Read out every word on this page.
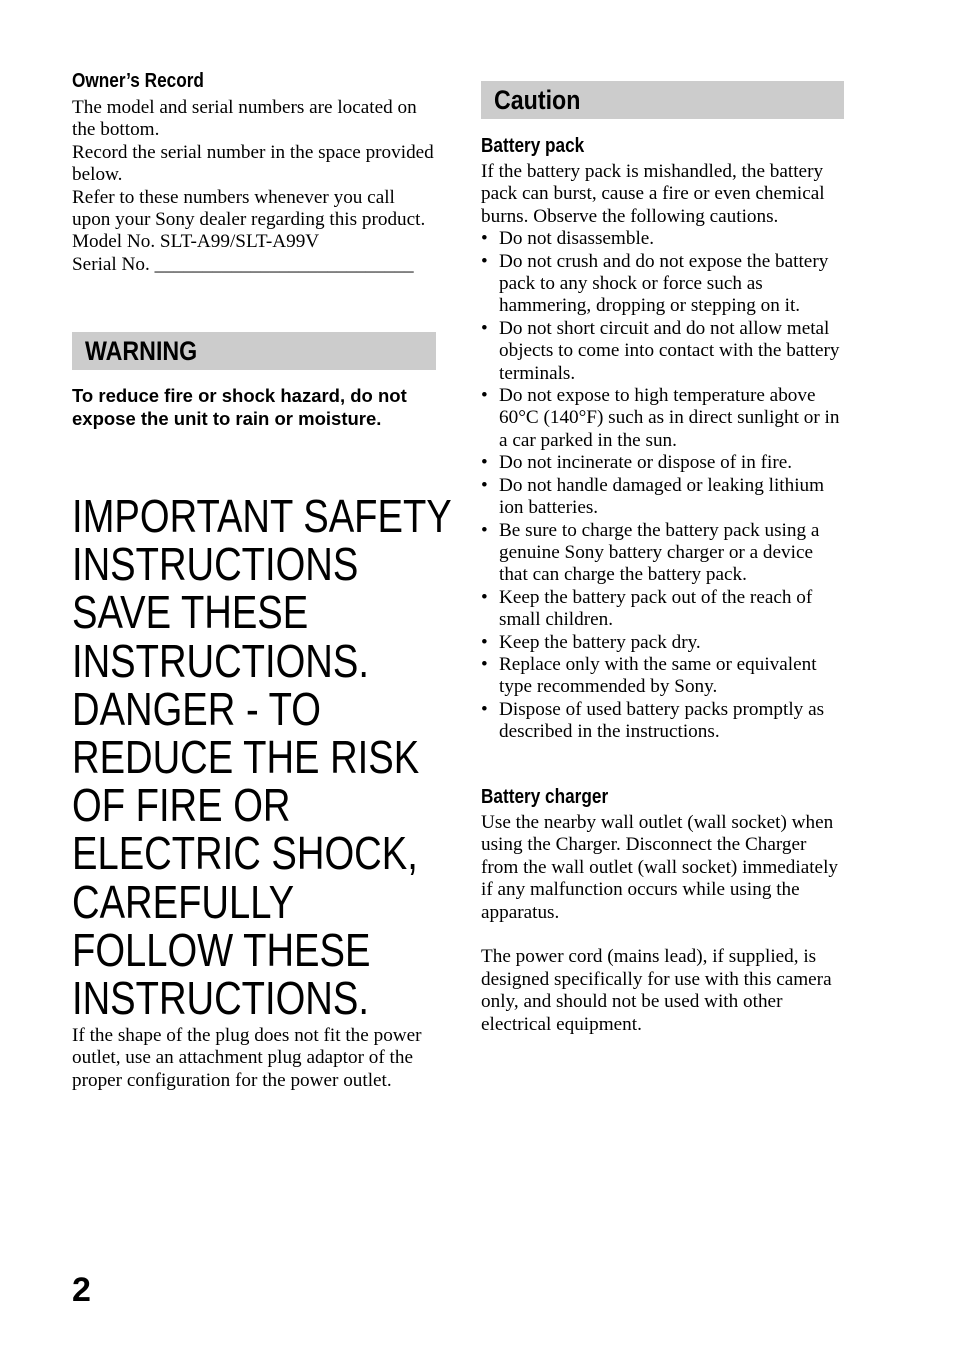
Owner’s Record

The model and serial numbers are located on the bottom.

Record the serial number in the space provided below.

Refer to these numbers whenever you call upon your Sony dealer regarding this product.

Model No. SLT-A99/SLT-A99V

Serial No. ___________________________

WARNING
To reduce fire or shock hazard, do not expose the unit to rain or moisture.
IMPORTANT SAFETY
INSTRUCTIONS
SAVE THESE
INSTRUCTIONS.
DANGER - TO
REDUCE THE RISK
OF FIRE OR
ELECTRIC SHOCK,
CAREFULLY
FOLLOW THESE
INSTRUCTIONS.
If the shape of the plug does not fit the power outlet, use an attachment plug adaptor of the proper configuration for the power outlet.
Caution
Battery pack

If the battery pack is mishandled, the battery pack can burst, cause a fire or even chemical burns. Observe the following cautions.

• Do not disassemble.
• Do not crush and do not expose the battery pack to any shock or force such as hammering, dropping or stepping on it.
• Do not short circuit and do not allow metal objects to come into contact with the battery terminals.
• Do not expose to high temperature above 60°C (140°F) such as in direct sunlight or in a car parked in the sun.
• Do not incinerate or dispose of in fire.
• Do not handle damaged or leaking lithium ion batteries.
• Be sure to charge the battery pack using a genuine Sony battery charger or a device that can charge the battery pack.
• Keep the battery pack out of the reach of small children.
• Keep the battery pack dry.
• Replace only with the same or equivalent type recommended by Sony.
• Dispose of used battery packs promptly as described in the instructions.
Battery charger

Use the nearby wall outlet (wall socket) when using the Charger. Disconnect the Charger from the wall outlet (wall socket) immediately if any malfunction occurs while using the apparatus.

The power cord (mains lead), if supplied, is designed specifically for use with this camera only, and should not be used with other electrical equipment.

2
